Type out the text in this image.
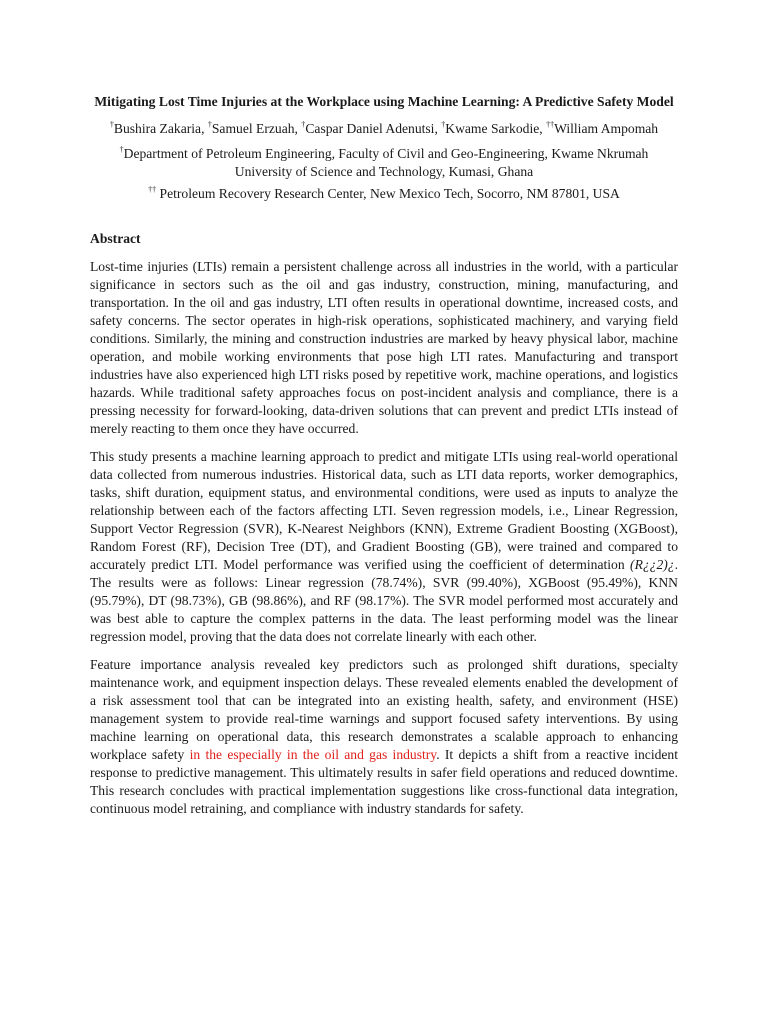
Mitigating Lost Time Injuries at the Workplace using Machine Learning: A Predictive Safety Model

†Bushira Zakaria, †Samuel Erzuah, †Caspar Daniel Adenutsi, †Kwame Sarkodie, ††William Ampomah

†Department of Petroleum Engineering, Faculty of Civil and Geo-Engineering, Kwame Nkrumah University of Science and Technology, Kumasi, Ghana

†† Petroleum Recovery Research Center, New Mexico Tech, Socorro, NM 87801, USA

Abstract

Lost-time injuries (LTIs) remain a persistent challenge across all industries in the world, with a particular significance in sectors such as the oil and gas industry, construction, mining, manufacturing, and transportation. In the oil and gas industry, LTI often results in operational downtime, increased costs, and safety concerns. The sector operates in high-risk operations, sophisticated machinery, and varying field conditions. Similarly, the mining and construction industries are marked by heavy physical labor, machine operation, and mobile working environments that pose high LTI rates. Manufacturing and transport industries have also experienced high LTI risks posed by repetitive work, machine operations, and logistics hazards. While traditional safety approaches focus on post-incident analysis and compliance, there is a pressing necessity for forward-looking, data-driven solutions that can prevent and predict LTIs instead of merely reacting to them once they have occurred.

This study presents a machine learning approach to predict and mitigate LTIs using real-world operational data collected from numerous industries. Historical data, such as LTI data reports, worker demographics, tasks, shift duration, equipment status, and environmental conditions, were used as inputs to analyze the relationship between each of the factors affecting LTI. Seven regression models, i.e., Linear Regression, Support Vector Regression (SVR), K-Nearest Neighbors (KNN), Extreme Gradient Boosting (XGBoost), Random Forest (RF), Decision Tree (DT), and Gradient Boosting (GB), were trained and compared to accurately predict LTI. Model performance was verified using the coefficient of determination (R¿¿2)¿. The results were as follows: Linear regression (78.74%), SVR (99.40%), XGBoost (95.49%), KNN (95.79%), DT (98.73%), GB (98.86%), and RF (98.17%). The SVR model performed most accurately and was best able to capture the complex patterns in the data. The least performing model was the linear regression model, proving that the data does not correlate linearly with each other.

Feature importance analysis revealed key predictors such as prolonged shift durations, specialty maintenance work, and equipment inspection delays. These revealed elements enabled the development of a risk assessment tool that can be integrated into an existing health, safety, and environment (HSE) management system to provide real-time warnings and support focused safety interventions. By using machine learning on operational data, this research demonstrates a scalable approach to enhancing workplace safety in the especially in the oil and gas industry. It depicts a shift from a reactive incident response to predictive management. This ultimately results in safer field operations and reduced downtime. This research concludes with practical implementation suggestions like cross-functional data integration, continuous model retraining, and compliance with industry standards for safety.
